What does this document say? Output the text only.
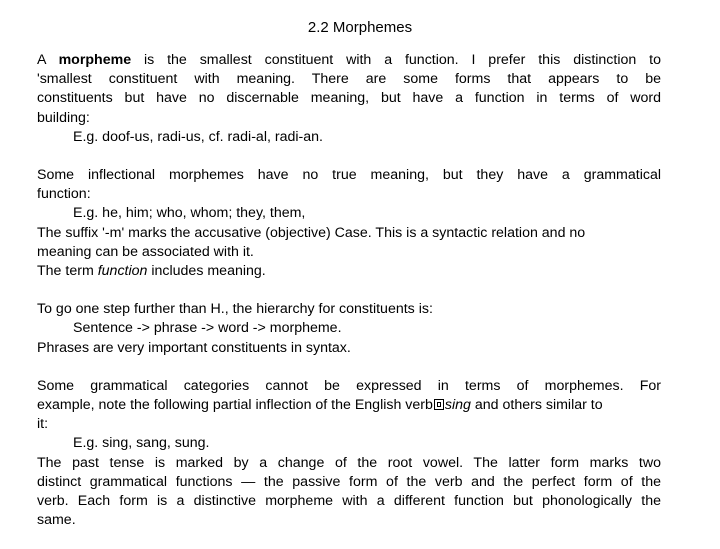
2.2 Morphemes
A morpheme is the smallest constituent with a function. I prefer this distinction to
'smallest constituent with meaning. There are some forms that appears to be
constituents but have no discernable meaning, but have a function in terms of word
building:
E.g. doof-us, radi-us, cf. radi-al, radi-an.
Some inflectional morphemes have no true meaning, but they have a grammatical
function:
E.g. he, him; who, whom; they, them,
The suffix '-m' marks the accusative (objective) Case. This is a syntactic relation and no
meaning can be associated with it.
The term function includes meaning.
To go one step further than H., the hierarchy for constituents is:
Sentence -> phrase -> word -> morpheme.
Phrases are very important constituents in syntax.
Some grammatical categories cannot be expressed in terms of morphemes. For
example, note the following partial inflection of the English verb sing and others similar to
it:
E.g. sing, sang, sung.
The past tense is marked by a change of the root vowel. The latter form marks two
distinct grammatical functions — the passive form of the verb and the perfect form of the
verb. Each form is a distinctive morpheme with a different function but phonologically the
same.
